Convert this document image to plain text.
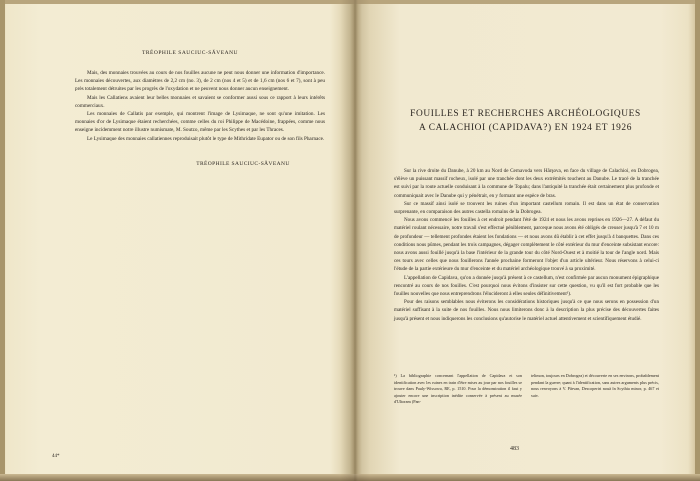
TRÉOPHILE SAUCIUC-SĂVEANU

Mais, des monnaies trouvées au cours de nos fouilles aucune ne peut nous donner une information d'importance. Les monnaies découvertes, aux diamètres de 2,2 cm (no. 3), de 2 cm (nos 4 et 5) et de 1,6 cm (nos 6 et 7), sont à peu près totalement détruites par les progrès de l'oxydation et ne peuvent nous donner aucun enseignement.

Mais les Callatiens avaient leur belles monnaies et savaient se conformer aussi sous ce rapport à leurs intérêts commerciaux.

Les monnaies de Callatis par exemple, qui montrent l'image de Lysimaque, ne sont qu'une imitation. Les monnaies d'or de Lysimaque étaient recherchées, comme celles du roi Philippe de Macédoine, frappées, comme nous enseigne incidemment notre illustre numismate, M. Soutzo, même par les Scythes et par les Thraces.

Le Lysimaque des monnaies callatiennes reproduisait plutôt le type de Mithridate Eupator ou de son fils Pharnace.

TRÉOPHILE SAUCIUC-SĂVEANU

44*

FOUILLES ET RECHERCHES ARCHÉOLOGIQUES
A CALACHIOI (CAPIDAVA?) EN 1924 ET 1926

Sur la rive droite du Danube, à 20 km au Nord de Cernavoda vers Hârşova, en face du village de Calachioi, en Dobrogea, s'élève un puissant massif rocheux, isolé par une tranchée dont les deux extrémités touchent au Danube. Le tracé de la tranchée est suivi par la route actuelle conduisant à la commune de Topalu; dans l'antiquité la tranchée était certainement plus profonde et communiquait avec le Danube qui y pénétrait, en y formant une espèce de bras.

Sur ce massif ainsi isolé se trouvent les ruines d'un important castellum romain. Il est dans un état de conservation surprenante, en comparaison des autres castella romains de la Dobrogea.

Nous avons commencé les fouilles à cet endroit pendant l'été de 1924 et nous les avons reprises en 1926—27. A défaut du matériel roulant nécessaire, notre travail s'est effectué péniblement, parceque nous avons été obligés de creuser jusqu'à 7 et 10 m de profondeur — tellement profondes étaient les fondations — et nous avons dû établir à cet effet jusqu'à 4 banquettes. Dans ces conditions nous pûmes, pendant les trois campagnes, dégager complètement le côté extérieur du mur d'enceinte subsistant encore: nous avons aussi fouillé jusqu'à la base l'intérieur de la grande tour du côté Nord-Ouest et à moitié la tour de l'angle nord. Mais ces tours avec celles que nous fouillerons l'année prochaine formeront l'objet d'un article ultérieur. Nous réservons à celui-ci l'étude de la partie extérieure du mur d'enceinte et du matériel archéologique trouvé à sa proximité.

L'appellation de Capidava, qu'on a donnée jusqu'à présent à ce castellum, n'est confirmée par aucun monument épigraphique rencontré au cours de nos fouilles. C'est pourquoi nous évitons d'insister sur cette question, vu qu'il est fort probable que les fouilles nouvelles que nous entreprendrons l'élucideront à elles seules définitivement¹).

Pour des raisons semblables nous éviterons les considérations historiques jusqu'à ce que nous serons en possession d'un matériel suffisant à la suite de nos fouilles. Nous nous limiterons donc à la description la plus précise des découvertes faites jusqu'à présent et nous indiquerons les conclusions qu'autorise le matériel actuel attentivement et scientifiquement étudié.

¹) La bibliographie concernant l'appellation de Capidava et son identification avec les ruines en train d'être mises au jour par nos fouilles se trouve dans Pauly-Wissowa, RE, p. 1510. Pour la démonstration il faut y ajouter encore une inscription inédite conservée à présent au musée d'Ultoram (Pan-

telimon, toujours en Dobrogea) et découverte en ses environs, probablement pendant la guerre; quant à l'identification, sans autres arguments plus précis, nous renvoyons à V. Pârvan, Descoperiri nouă în Scythia minor, p. 467 et suiv.

483
